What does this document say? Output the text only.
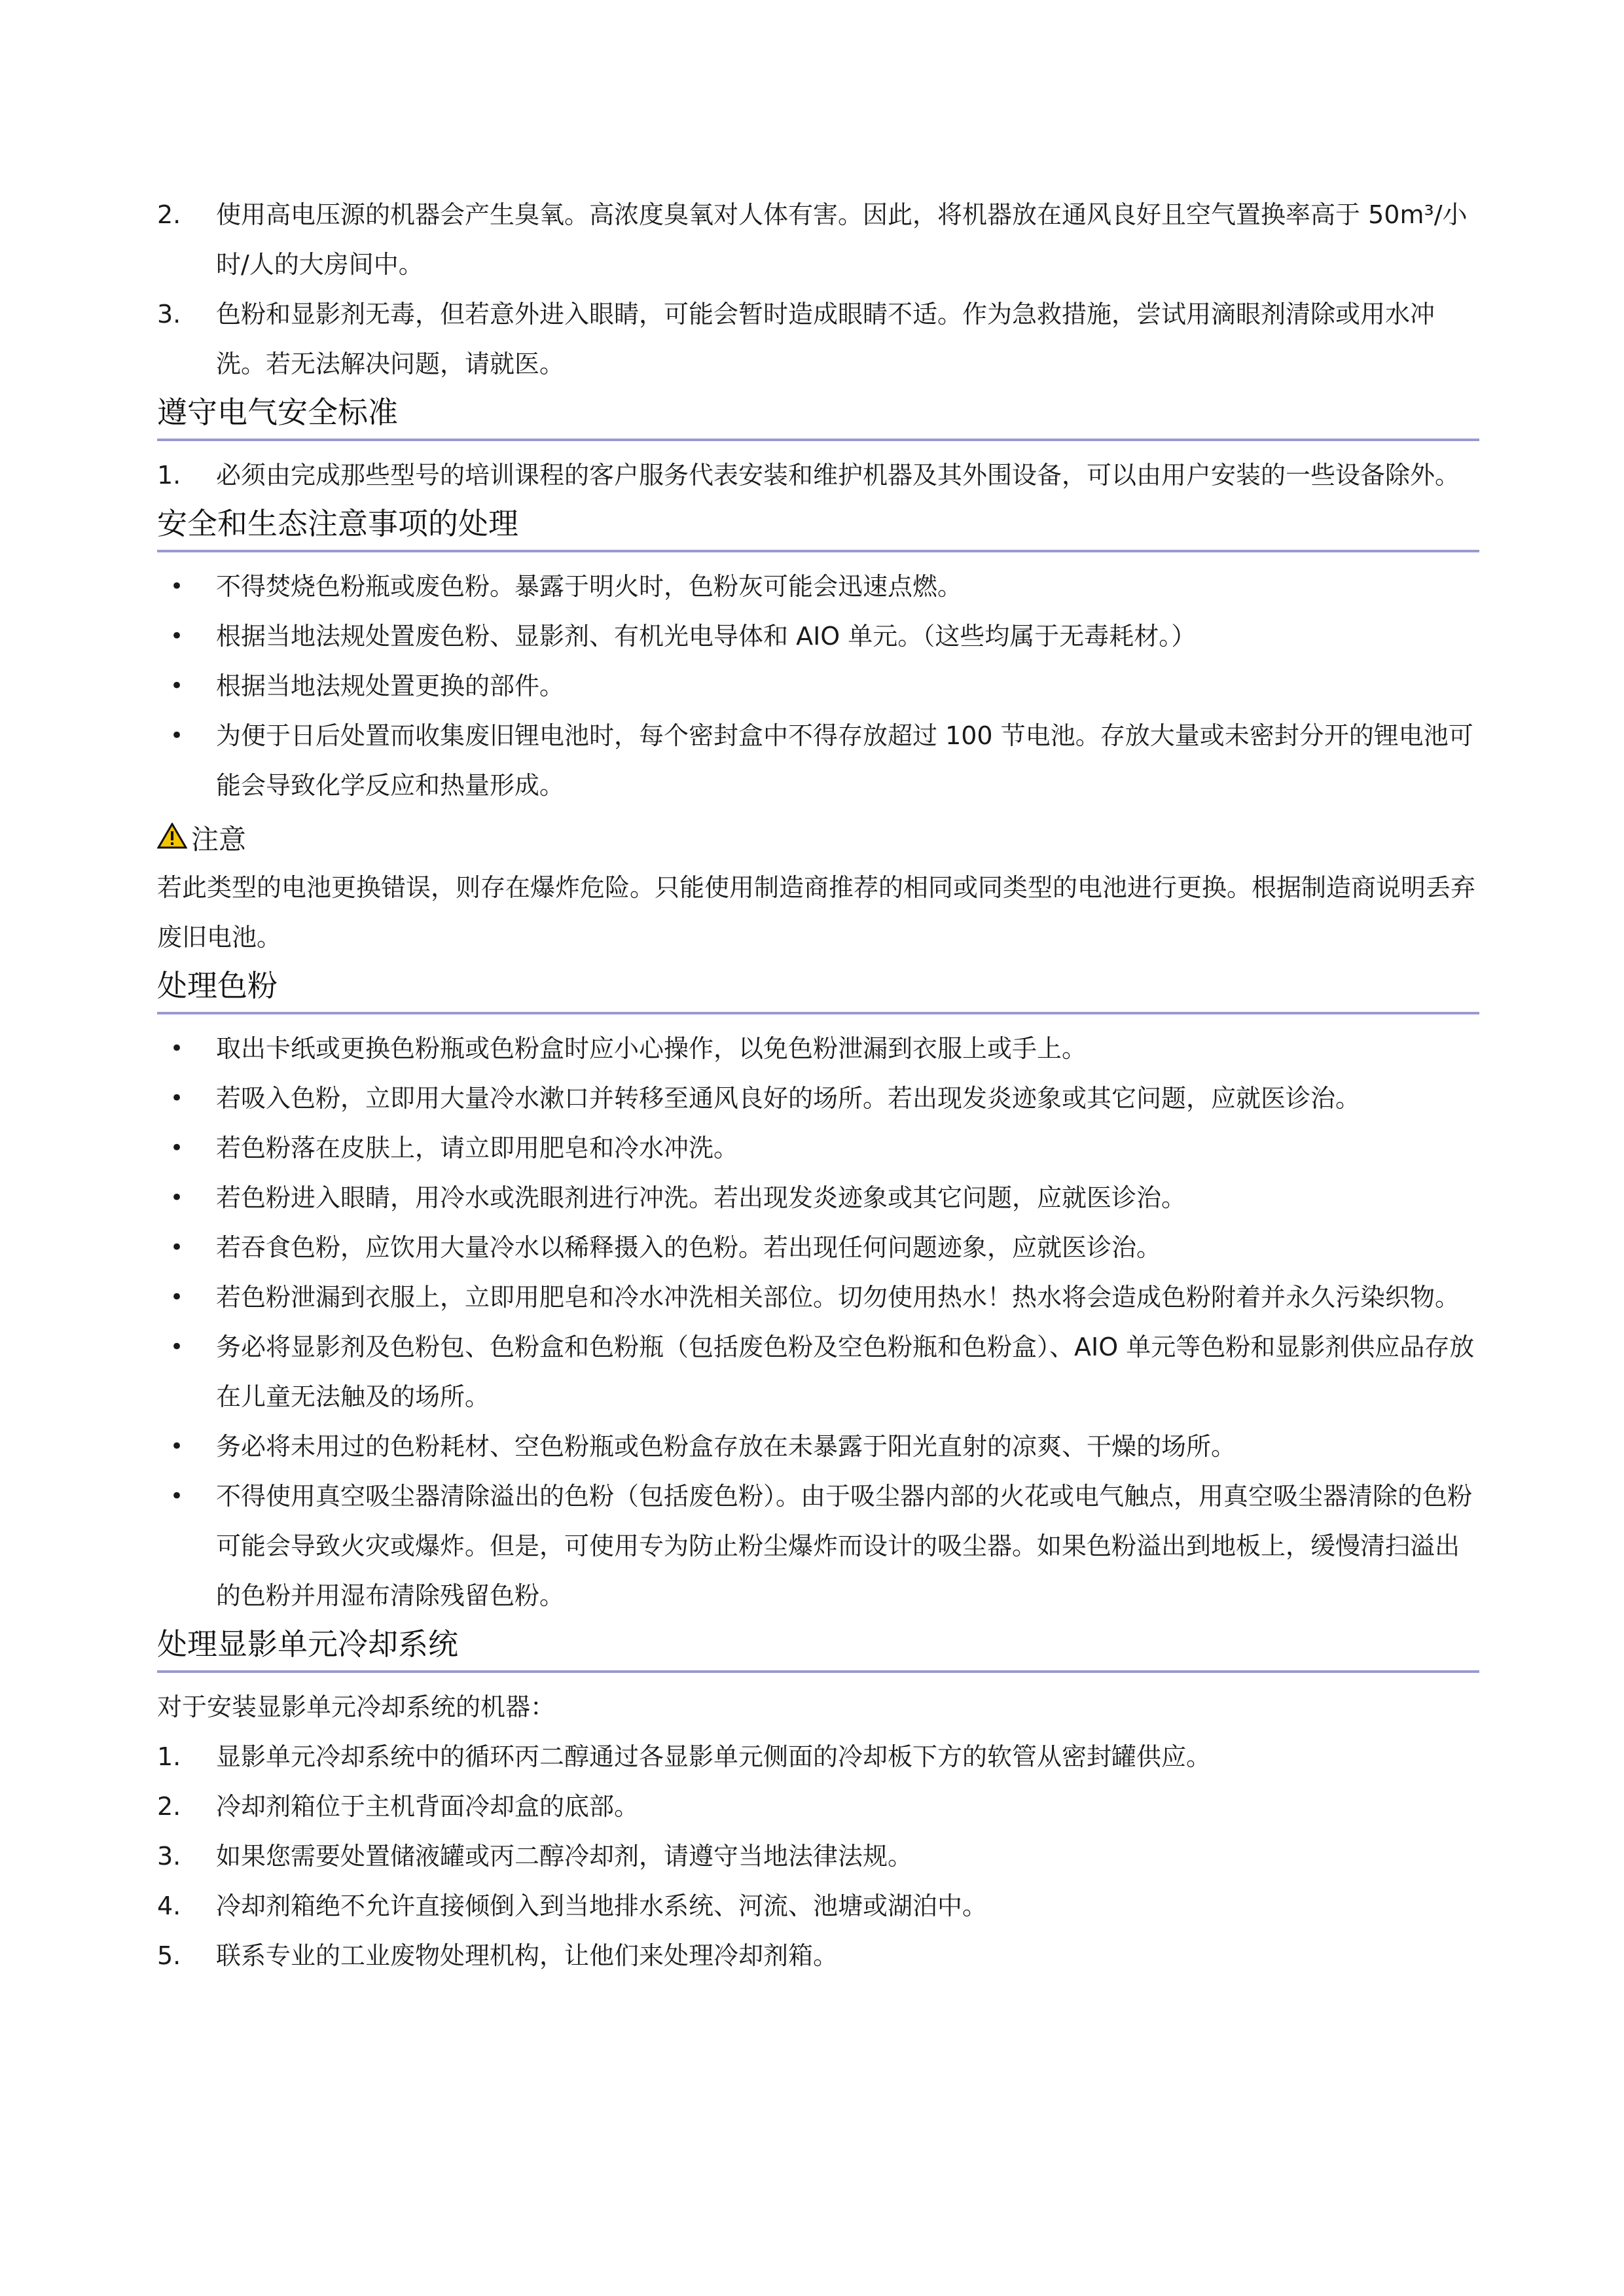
2.	使用高电压源的机器会产生臭氧。高浓度臭氧对人体有害。因此，将机器放在通风良好且空气置换率高于 50m³/小时/人的大房间中。
3.	色粉和显影剂无毒，但若意外进入眼睛，可能会暂时造成眼睛不适。作为急救措施，尝试用滴眼剂清除或用水冲洗。若无法解决问题，请就医。
遵守电气安全标准
1.	必须由完成那些型号的培训课程的客户服务代表安装和维护机器及其外围设备，可以由用户安装的一些设备除外。
安全和生态注意事项的处理
•	不得焚烧色粉瓶或废色粉。暴露于明火时，色粉灰可能会迅速点燃。
•	根据当地法规处置废色粉、显影剂、有机光电导体和 AIO 单元。（这些均属于无毒耗材。）
•	根据当地法规处置更换的部件。
•	为便于日后处置而收集废旧锂电池时，每个密封盒中不得存放超过 100 节电池。存放大量或未密封分开的锂电池可能会导致化学反应和热量形成。
注意
若此类型的电池更换错误，则存在爆炸危险。只能使用制造商推荐的相同或同类型的电池进行更换。根据制造商说明丢弃废旧电池。
处理色粉
•	取出卡纸或更换色粉瓶或色粉盒时应小心操作，以免色粉泄漏到衣服上或手上。
•	若吸入色粉，立即用大量冷水漱口并转移至通风良好的场所。若出现发炎迹象或其它问题，应就医诊治。
•	若色粉落在皮肤上，请立即用肥皂和冷水冲洗。
•	若色粉进入眼睛，用冷水或洗眼剂进行冲洗。若出现发炎迹象或其它问题，应就医诊治。
•	若吞食色粉，应饮用大量冷水以稀释摄入的色粉。若出现任何问题迹象，应就医诊治。
•	若色粉泄漏到衣服上，立即用肥皂和冷水冲洗相关部位。切勿使用热水！热水将会造成色粉附着并永久污染织物。
•	务必将显影剂及色粉包、色粉盒和色粉瓶（包括废色粉及空色粉瓶和色粉盒）、AIO 单元等色粉和显影剂供应品存放在儿童无法触及的场所。
•	务必将未用过的色粉耗材、空色粉瓶或色粉盒存放在未暴露于阳光直射的凉爽、干燥的场所。
•	不得使用真空吸尘器清除溢出的色粉（包括废色粉）。由于吸尘器内部的火花或电气触点，用真空吸尘器清除的色粉可能会导致火灾或爆炸。但是，可使用专为防止粉尘爆炸而设计的吸尘器。如果色粉溢出到地板上，缓慢清扫溢出的色粉并用湿布清除残留色粉。
处理显影单元冷却系统
对于安装显影单元冷却系统的机器：
1.	显影单元冷却系统中的循环丙二醇通过各显影单元侧面的冷却板下方的软管从密封罐供应。
2.	冷却剂箱位于主机背面冷却盒的底部。
3.	如果您需要处置储液罐或丙二醇冷却剂，请遵守当地法律法规。
4.	冷却剂箱绝不允许直接倾倒入到当地排水系统、河流、池塘或湖泊中。
5.	联系专业的工业废物处理机构，让他们来处理冷却剂箱。
